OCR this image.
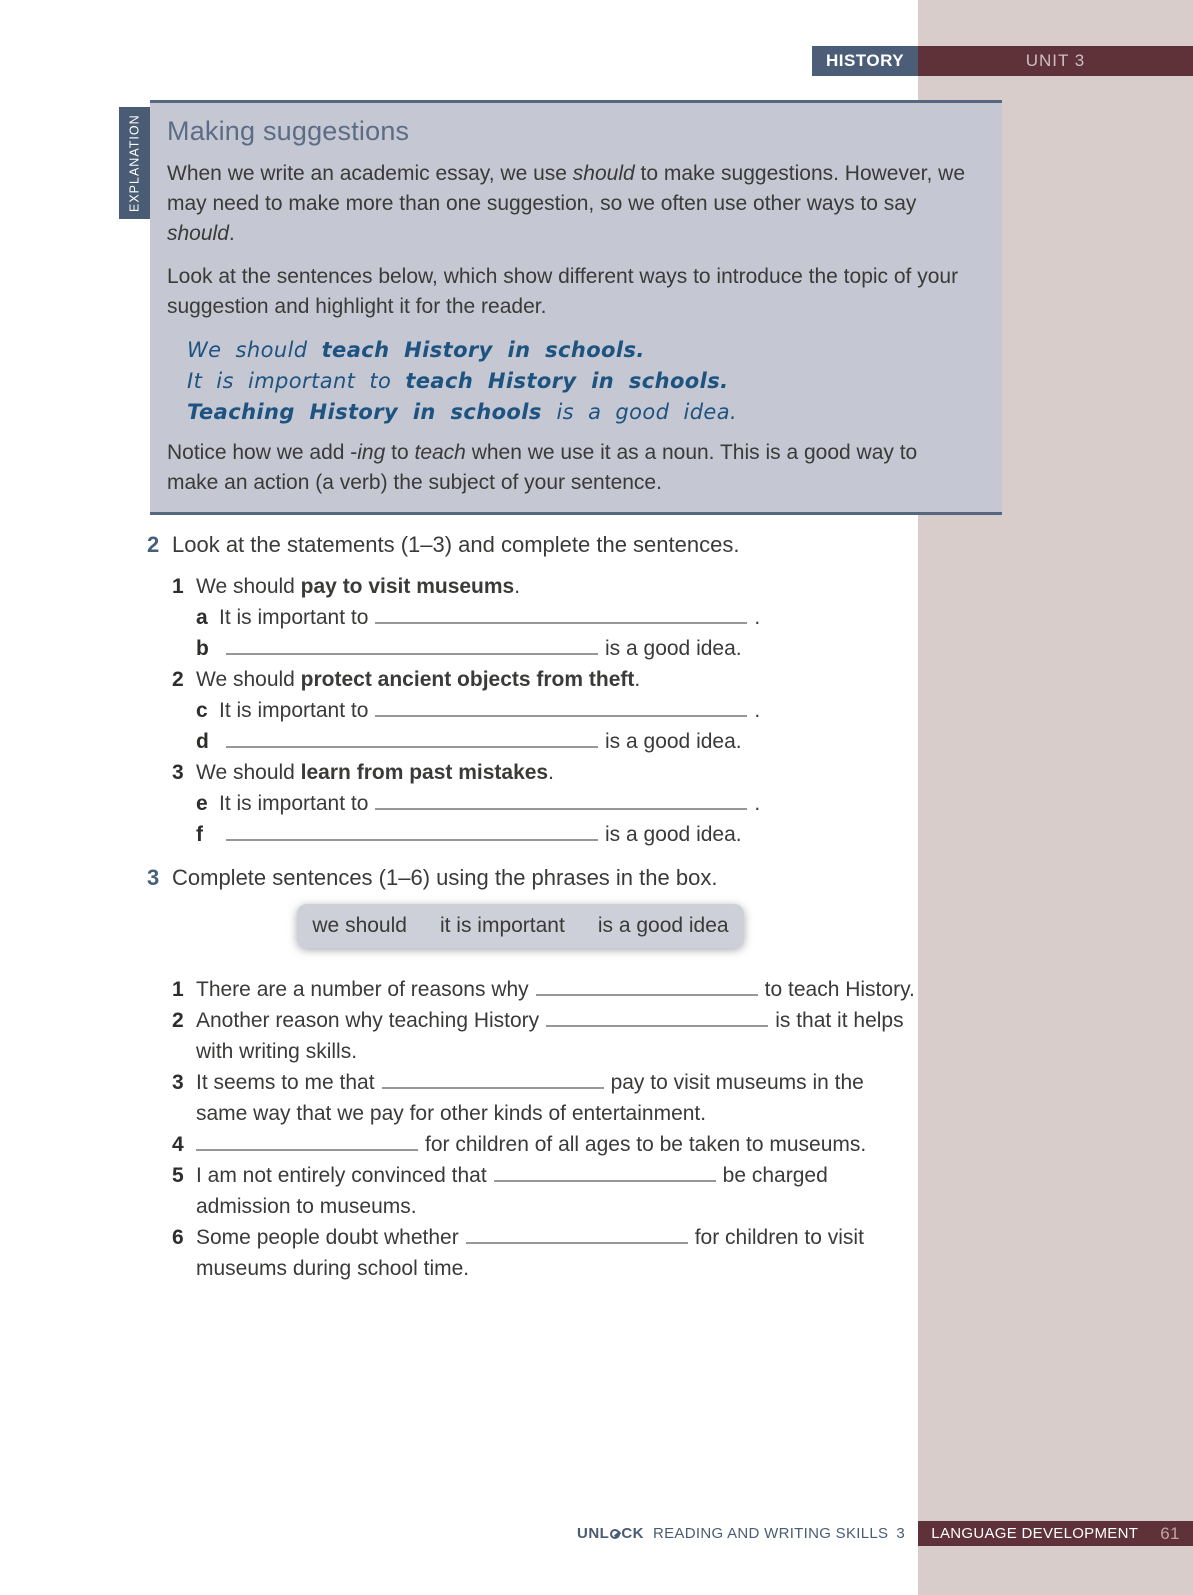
HISTORY	UNIT 3
EXPLANATION Making suggestions

When we write an academic essay, we use should to make suggestions. However, we may need to make more than one suggestion, so we often use other ways to say should.

Look at the sentences below, which show different ways to introduce the topic of your suggestion and highlight it for the reader.

We should teach History in schools.
It is important to teach History in schools.
Teaching History in schools is a good idea.

Notice how we add -ing to teach when we use it as a noun. This is a good way to make an action (a verb) the subject of your sentence.

2 Look at the statements (1–3) and complete the sentences.
1 We should pay to visit museums.
a It is important to	.
b	is a good idea.
2 We should protect ancient objects from theft.
c It is important to	.
d	is a good idea.
3 We should learn from past mistakes.
e It is important to	.
f	is a good idea.
3 Complete sentences (1–6) using the phrases in the box.
we should it is important is a good idea
1 There are a number of reasons why	to teach History.
2 Another reason why teaching History	is that it helps with writing skills.
3 It seems to me that	pay to visit museums in the same way that we pay for other kinds of entertainment.
4	for children of all ages to be taken to museums.
5 I am not entirely convinced that	be charged admission to museums.
6 Some people doubt whether	for children to visit museums during school time.
UNL CK READING AND WRITING SKILLS 3 LANGUAGE DEVELOPMENT 61
